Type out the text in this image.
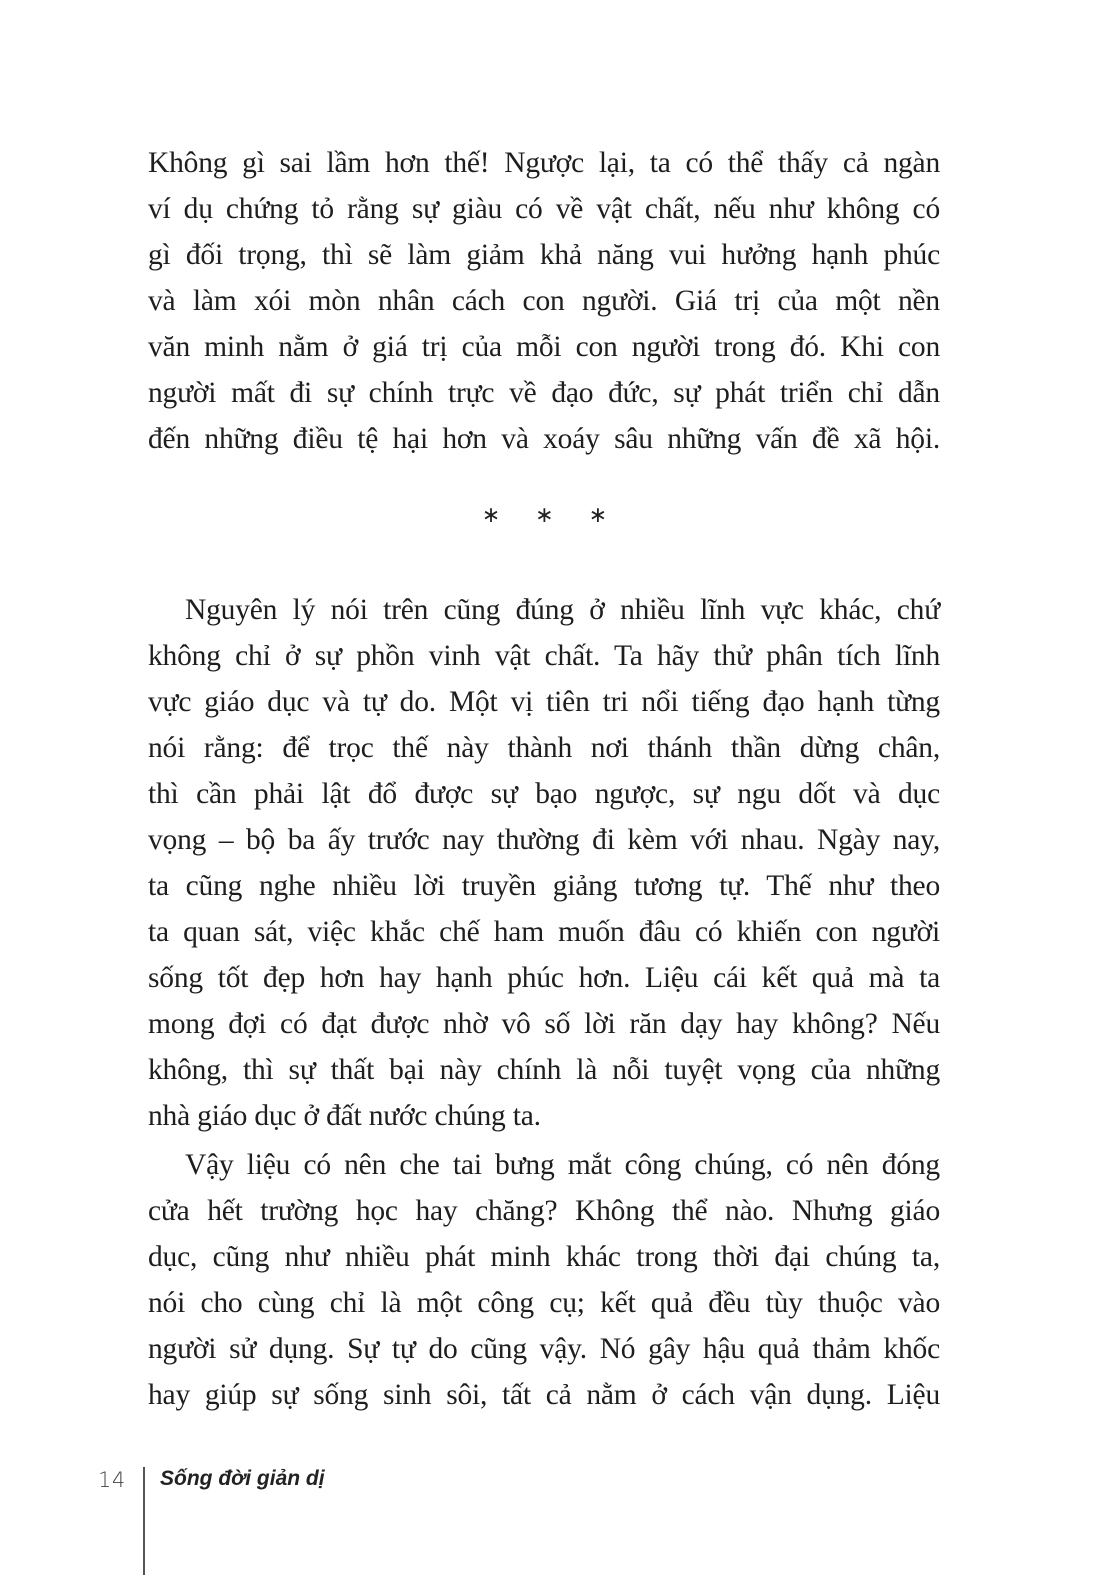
Không gì sai lầm hơn thế! Ngược lại, ta có thể thấy cả ngàn
ví dụ chứng tỏ rằng sự giàu có về vật chất, nếu như không có
gì đối trọng, thì sẽ làm giảm khả năng vui hưởng hạnh phúc
và làm xói mòn nhân cách con người. Giá trị của một nền
văn minh nằm ở giá trị của mỗi con người trong đó. Khi con
người mất đi sự chính trực về đạo đức, sự phát triển chỉ dẫn
đến những điều tệ hại hơn và xoáy sâu những vấn đề xã hội.
∗ ∗ ∗
Nguyên lý nói trên cũng đúng ở nhiều lĩnh vực khác, chứ
không chỉ ở sự phồn vinh vật chất. Ta hãy thử phân tích lĩnh
vực giáo dục và tự do. Một vị tiên tri nổi tiếng đạo hạnh từng
nói rằng: để trọc thế này thành nơi thánh thần dừng chân,
thì cần phải lật đổ được sự bạo ngược, sự ngu dốt và dục
vọng – bộ ba ấy trước nay thường đi kèm với nhau. Ngày nay,
ta cũng nghe nhiều lời truyền giảng tương tự. Thế như theo
ta quan sát, việc khắc chế ham muốn đâu có khiến con người
sống tốt đẹp hơn hay hạnh phúc hơn. Liệu cái kết quả mà ta
mong đợi có đạt được nhờ vô số lời răn dạy hay không? Nếu
không, thì sự thất bại này chính là nỗi tuyệt vọng của những
nhà giáo dục ở đất nước chúng ta.
Vậy liệu có nên che tai bưng mắt công chúng, có nên đóng
cửa hết trường học hay chăng? Không thể nào. Nhưng giáo
dục, cũng như nhiều phát minh khác trong thời đại chúng ta,
nói cho cùng chỉ là một công cụ; kết quả đều tùy thuộc vào
người sử dụng. Sự tự do cũng vậy. Nó gây hậu quả thảm khốc
hay giúp sự sống sinh sôi, tất cả nằm ở cách vận dụng. Liệu
14 Sống đời giản dị
